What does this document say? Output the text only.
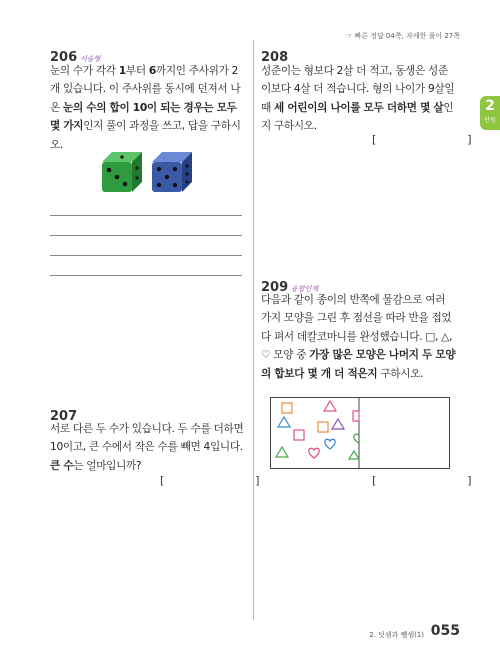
☞ 빠른 정답 04쪽, 자세한 풀이 27쪽
2
단원
206 서술형
눈의 수가 각각 1부터 6까지인 주사위가 2개 있습니다. 이 주사위를 동시에 던져서 나온 눈의 수의 합이 10이 되는 경우는 모두 몇 가지인지 풀이 과정을 쓰고, 답을 구하시오.
207
서로 다른 두 수가 있습니다. 두 수를 더하면 10이고, 큰 수에서 작은 수를 빼면 4입니다. 큰 수는 얼마입니까?
[                          ]
208
성준이는 형보다 2살 더 적고, 동생은 성준이보다 4살 더 적습니다. 형의 나이가 9살일 때 세 어린이의 나이를 모두 더하면 몇 살인지 구하시오.
[                          ]
209 융합인재
다음과 같이 종이의 반쪽에 물감으로 여러 가지 모양을 그린 후 점선을 따라 반을 접었다 펴서 데칼코마니를 완성했습니다. □, △, ♡ 모양 중 가장 많은 모양은 나머지 두 모양의 합보다 몇 개 더 적은지 구하시오.
[                          ]
2. 덧셈과 뺄셈(1) 055
